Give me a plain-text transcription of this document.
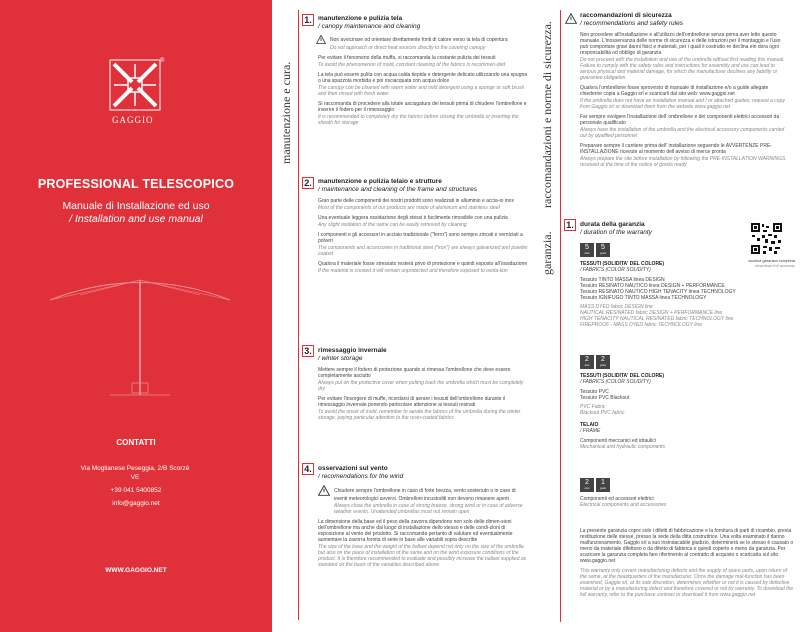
®
GAGGIO
PROFESSIONAL TELESCOPICO
Manuale di Installazione ed uso
/ Installation and use manual
CONTATTI
Via Moglianese Peseggia, 2/B Scorzè VE
+39 041 5400852
info@gaggio.net
WWW.GAGGIO.NET
manutenzione e cura.
1. manutenzione e pulizia tela
/ canopy maintenance and cleaning

Non avvicinare od orientare direttamente fonti di calore verso la tela di copertura

Do not approach or direct heat sources directly to the covering canopy

Per evitare il fenomeno della muffa, si raccomanda la costante pulizia dei tessuti

To avoid the phenomenon of mold, constant cleaning of the fabrics is recommen-ded

La tela può essere pulita con acqua calda tiepida e detergente delicato utilizzando una spugna o una spazzola morbida e poi risciacquata con acqua dolce

The canopy can be cleaned with warm water and mild detergent using a sponge or soft brush and then rinsed with fresh water

Si raccomanda di procedere alla totale asciugatura dei tessuti prima di chiudere l'ombrellone e inserire il fodero per il rimessaggio

It is recommended to completely dry the fabrics before closing the umbrella or inserting the sheath for storage

2. manutenzione e pulizia telaio e strutture
/ maintenance and cleaning of the frame and structures

Gran parte delle componenti dei nostri prodotti sono realizzati in alluminio e accia-io inox

Most of the components of our products are made of aluminum and stainless steel

Una eventuale leggera ossidazione degli stessi è facilmente rimovibile con una pulizia

Any slight oxidation of the same can be easily removed by cleaning

I componenti e gli accessori in acciaio tradizionale ("ferro") sono sempre zincati e verniciati a polveri

The components and accessories in traditional steel ("iron") are always galvanized and powder coated

Qualora il materiale fosse stressato resterà privo di protezione e quindi esposto all'ossidazione

If the material is crested it will remain unprotected and therefore exposed to oxida-tion

3. rimessaggio invernale
/ winter storage

Mettere sempre il fodero di protezione quando si rimessa l'ombrellone che deve essere completamente asciutto

Always put on the protective cover when putting back the umbrella which must be completely dry

Per evitare l'insorgere di muffe, ricordarsi di aerare i tessuti dell'ombrellone durante il rimessaggio invernale ponendo particolare attenzione ai tessuti resinati

To avoid the onset of mold, remember to aerate the fabrics of the umbrella during the winter storage, paying particular attention to the resin-coated fabrics

4. osservazioni sul vento
/ recomendations for the wind

Chiudere sempre l'ombrellone in caso di forte brezza, vento sostenuto o in caso di eventi meteorologici avversi. Ombrelloni incustoditi non devono rimanere aperti

Always close the umbrella in case of strong breeze, strong wind or in case of adverse weather events. Unattended umbrellas must not remain open

La dimensione della base ed il peso della zavorra dipendono non solo delle dimen-sioni dell'ombrellone ma anche dal luogo di installazione dello stesso e delle condi-zioni di esposizione al vento del prodotto. Si raccomanda pertanto di valutare ed eventualmente aumentare la zavorra fornita di serie in base alle variabili sopra descritte

The size of the base and the weight of the ballast depend not only on the size of the umbrella but also on the place of installation of the same and on the wind exposure conditions of the product. It is therefore recommended to evaluate and possibly increase the ballast supplied as standard on the basis of the variables described above

raccomandazioni e norme di sicurezza.
garanzia.
raccomandazioni di sicurezza
/ recommendations and safety rules

Non procedere all'installazione e all'utilizzo dell'ombrellone senza prima aver letto questo manuale. L'inosservanza delle norme di sicurezza e delle istruzioni per il montaggio e l'uso può comportare gravi danni fisici e materiali, per i quali il costrutto-re declina ein dora ogni responsabilità od obbligo di garanzia

Do not proceed with the installation and use of the umbrella without first reading this manual. Failure to comply with the safety rules and instructions for assembly and use can lead to serious physical and material damage, for which the manufacturer declines any liability or guarantee obligation

Qualora l'ombrellone fosse sprovvisto di manuale di installazione e/o a guide allegate chiederne copia a Gaggio srl e scaricarli dal sito web: www.gaggio.net

If the umbrella does not have an installation manual and / or attached guides, request a copy from Gaggio srl or download them from the website www.gaggio.net

Far sempre svolgere l'installazione dell' ombrellone e dei componenti elettrici accessori da personale qualificato

Always have the installation of the umbrella and the electrical accessory components carried out by qualified personnel

Preparare sempre il cantiere prima dell' installazione seguendo le AVVERTENZE PRE-INSTALLAZIONE ricevute al momento dell avviso di merce pronta

Always prepare the site before installation by following the PRE-INSTALLATION WARNINGS received at the time of the notice of goods ready

1. durata della garanzia
/ duration of the warranty
scarica garanzia completa
download full warranty
5
anni
5
years
TESSUTI (SOLIDITA' DEL COLORE)
/ FABRICS (COLOR SOLIDITY)
Tessuto TINTO MASSA linea DESIGN
Tessuto RESINATO NAUTICO linea DESIGN + PERFORMANCE
Tessuto RESINATO NAUTICO HIGH TENACITY linea TECHNOLOGY
Tessuto IGNIFUGO TINTO MASSA linea TECHNOLOGY
MASS DYED fabric DESIGN line
NAUTICAL RESINATED fabric DESIGN + PERFORMANCE line
HIGH TENACITY NAUTICAL RESINATED fabric TECHNOLOGY line
FIREPROOF - MASS DYED fabric TECHNOLOGY line
2
anni
2
years
TESSUTI (SOLIDITA' DEL COLORE)
/ FABRICS (COLOR SOLIDITY)
Tessuto PVC
Tessuto PVC Blackout
PVC Fabric
Blackout PVC fabric
TELAIO
/ FRAME
Componenti meccanici ed idraulici
Mechanical and hydraulic components
2
anni
1
years
Componenti ed accessori elettrici
Electrical components and accessories

La presente garanzia copre solo i difetti di fabbricazione e la fornitura di parti di ricambio, previa restituzione delle stesse, presso la sede della ditta costruttrice. Una volta esaminato il danno malfunzionamento, Gaggio srl a suo insindacabile giudizio, determinerà se lo stesso è causato o meno da materiale difettoso o da difetto di fabbrica e quindi coperto o meno da garanzia. Per scaricare la garanzia completa fare riferimento al contratto di acquisto o scaricarla sul sito www.gaggio.net

This warranty only covers manufacturing defects and the supply of spare parts, upon return of the same, at the headquarters of the manufacturer. Once the damage mal-function has been examined, Gaggio srl, at its sole discretion, determines whether or not it is caused by defective material or by a manufacturing defect and therefore covered or not by warranty. To download the full warranty, refer to the purchase contract or download it from www.gaggio.net
